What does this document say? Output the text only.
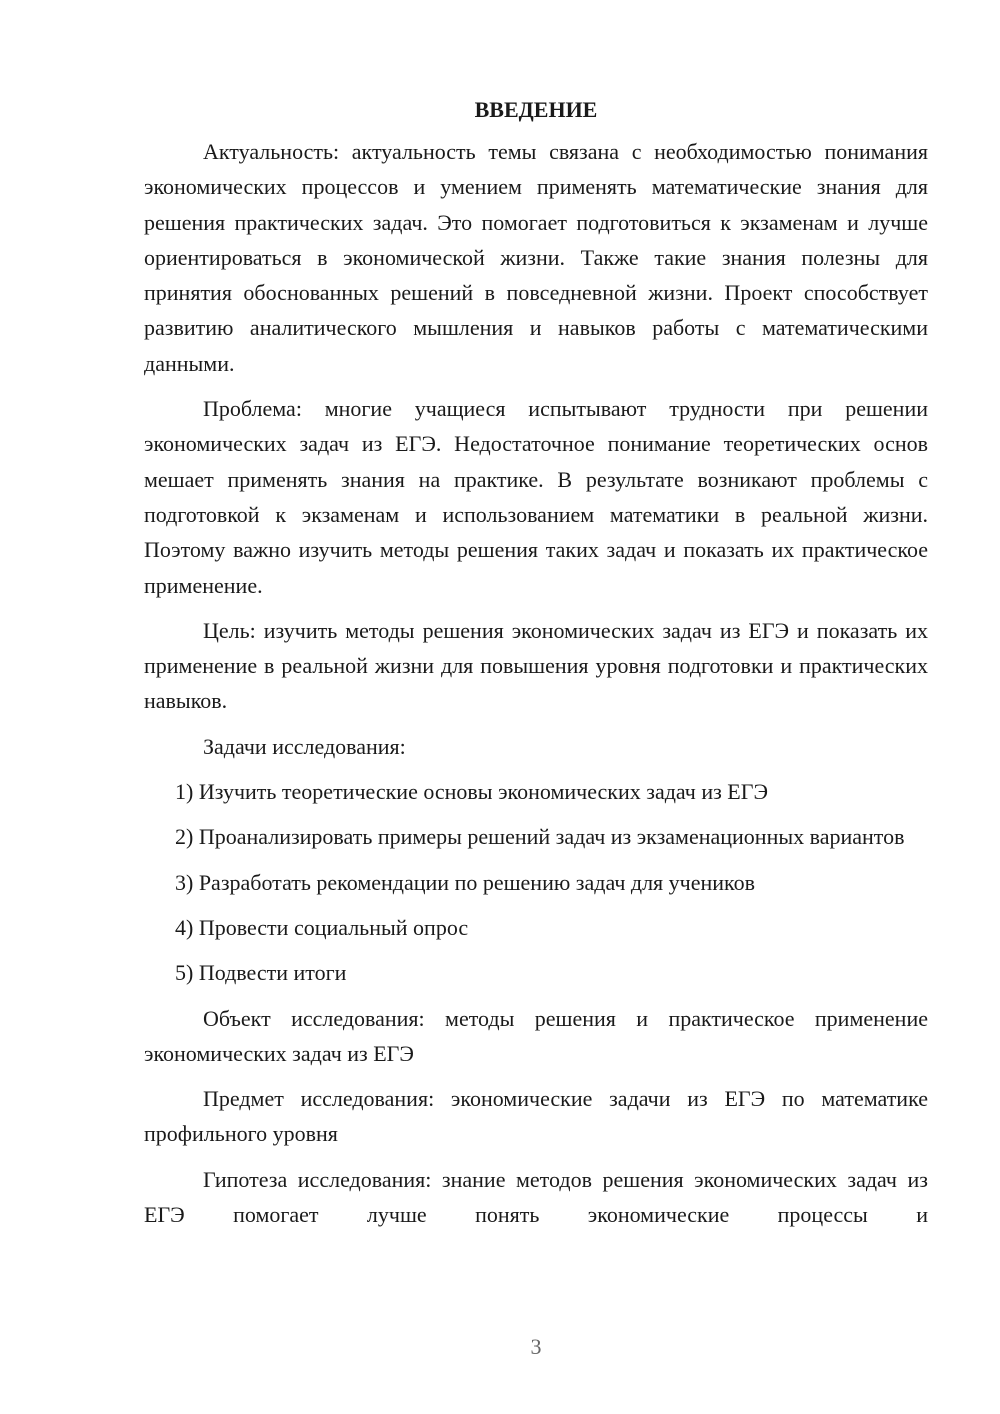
ВВЕДЕНИЕ

Актуальность: актуальность темы связана с необходимостью понимания экономических процессов и умением применять математические знания для решения практических задач. Это помогает подготовиться к экзаменам и лучше ориентироваться в экономической жизни. Также такие знания полезны для принятия обоснованных решений в повседневной жизни. Проект способствует развитию аналитического мышления и навыков работы с математическими данными.

Проблема: многие учащиеся испытывают трудности при решении экономических задач из ЕГЭ. Недостаточное понимание теоретических основ мешает применять знания на практике. В результате возникают проблемы с подготовкой к экзаменам и использованием математики в реальной жизни. Поэтому важно изучить методы решения таких задач и показать их практическое применение.

Цель: изучить методы решения экономических задач из ЕГЭ и показать их применение в реальной жизни для повышения уровня подготовки и практических навыков.

Задачи исследования:

1) Изучить теоретические основы экономических задач из ЕГЭ

2) Проанализировать примеры решений задач из экзаменационных вариантов

3) Разработать рекомендации по решению задач для учеников

4) Провести социальный опрос

5) Подвести итоги

Объект исследования: методы решения и практическое применение экономических задач из ЕГЭ

Предмет исследования: экономические задачи из ЕГЭ по математике профильного уровня

Гипотеза исследования: знание методов решения экономических задач из ЕГЭ помогает лучше понять экономические процессы и

3
